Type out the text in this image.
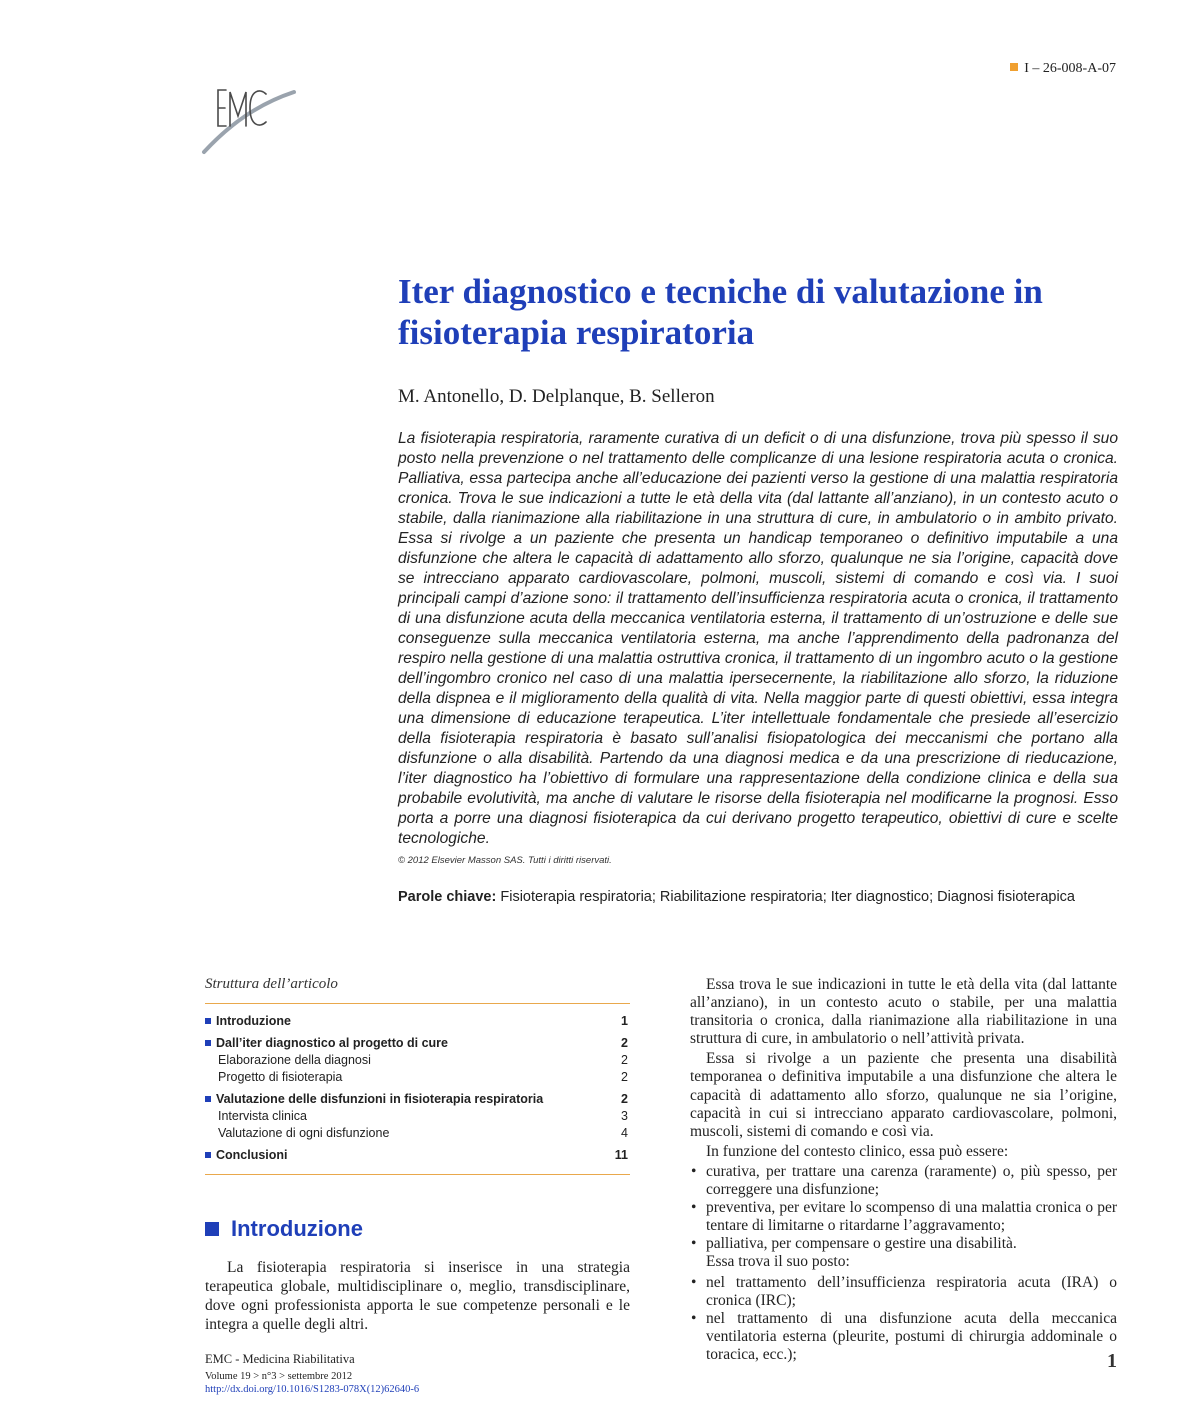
I – 26-008-A-07
Iter diagnostico e tecniche di valutazione in fisioterapia respiratoria
M. Antonello, D. Delplanque, B. Selleron

La fisioterapia respiratoria, raramente curativa di un deficit o di una disfunzione, trova più spesso il suo posto nella prevenzione o nel trattamento delle complicanze di una lesione respiratoria acuta o cronica. Palliativa, essa partecipa anche all’educazione dei pazienti verso la gestione di una malattia respiratoria cronica. Trova le sue indicazioni a tutte le età della vita (dal lattante all’anziano), in un contesto acuto o stabile, dalla rianimazione alla riabilitazione in una struttura di cure, in ambulatorio o in ambito privato. Essa si rivolge a un paziente che presenta un handicap temporaneo o definitivo imputabile a una disfunzione che altera le capacità di adattamento allo sforzo, qualunque ne sia l’origine, capacità dove se intrecciano apparato cardiovascolare, polmoni, muscoli, sistemi di comando e così via. I suoi principali campi d’azione sono: il trattamento dell’insufficienza respiratoria acuta o cronica, il trattamento di una disfunzione acuta della meccanica ventilatoria esterna, il trattamento di un’ostruzione e delle sue conseguenze sulla meccanica ventilatoria esterna, ma anche l’apprendimento della padronanza del respiro nella gestione di una malattia ostruttiva cronica, il trattamento di un ingombro acuto o la gestione dell’ingombro cronico nel caso di una malattia ipersecernente, la riabilitazione allo sforzo, la riduzione della dispnea e il miglioramento della qualità di vita. Nella maggior parte di questi obiettivi, essa integra una dimensione di educazione terapeutica. L’iter intellettuale fondamentale che presiede all’esercizio della fisioterapia respiratoria è basato sull’analisi fisiopatologica dei meccanismi che portano alla disfunzione o alla disabilità. Partendo da una diagnosi medica e da una prescrizione di rieducazione, l’iter diagnostico ha l’obiettivo di formulare una rappresentazione della condizione clinica e della sua probabile evolutività, ma anche di valutare le risorse della fisioterapia nel modificarne la prognosi. Esso porta a porre una diagnosi fisioterapica da cui derivano progetto terapeutico, obiettivi di cure e scelte tecnologiche.

© 2012 Elsevier Masson SAS. Tutti i diritti riservati.
Parole chiave: Fisioterapia respiratoria; Riabilitazione respiratoria; Iter diagnostico; Diagnosi fisioterapica
Struttura dell’articolo
Introduzione	1
Dall’iter diagnostico al progetto di cure	2
Elaborazione della diagnosi	2
Progetto di fisioterapia	2
Valutazione delle disfunzioni in fisioterapia respiratoria	2
Intervista clinica	3
Valutazione di ogni disfunzione	4
Conclusioni	11
Introduzione

La fisioterapia respiratoria si inserisce in una strategia terapeutica globale, multidisciplinare o, meglio, transdisciplinare, dove ogni professionista apporta le sue competenze personali e le integra a quelle degli altri.

Essa trova le sue indicazioni in tutte le età della vita (dal lattante all’anziano), in un contesto acuto o stabile, per una malattia transitoria o cronica, dalla rianimazione alla riabilitazione in una struttura di cure, in ambulatorio o nell’attività privata.

Essa si rivolge a un paziente che presenta una disabilità temporanea o definitiva imputabile a una disfunzione che altera le capacità di adattamento allo sforzo, qualunque ne sia l’origine, capacità in cui si intrecciano apparato cardiovascolare, polmoni, muscoli, sistemi di comando e così via.

In funzione del contesto clinico, essa può essere:

• curativa, per trattare una carenza (raramente) o, più spesso, per correggere una disfunzione;
• preventiva, per evitare lo scompenso di una malattia cronica o per tentare di limitarne o ritardarne l’aggravamento;
• palliativa, per compensare o gestire una disabilità.

Essa trova il suo posto:

• nel trattamento dell’insufficienza respiratoria acuta (IRA) o cronica (IRC);
• nel trattamento di una disfunzione acuta della meccanica ventilatoria esterna (pleurite, postumi di chirurgia addominale o toracica, ecc.);
EMC - Medicina Riabilitativa
Volume 19 > n°3 > settembre 2012
http://dx.doi.org/10.1016/S1283-078X(12)62640-6
1
